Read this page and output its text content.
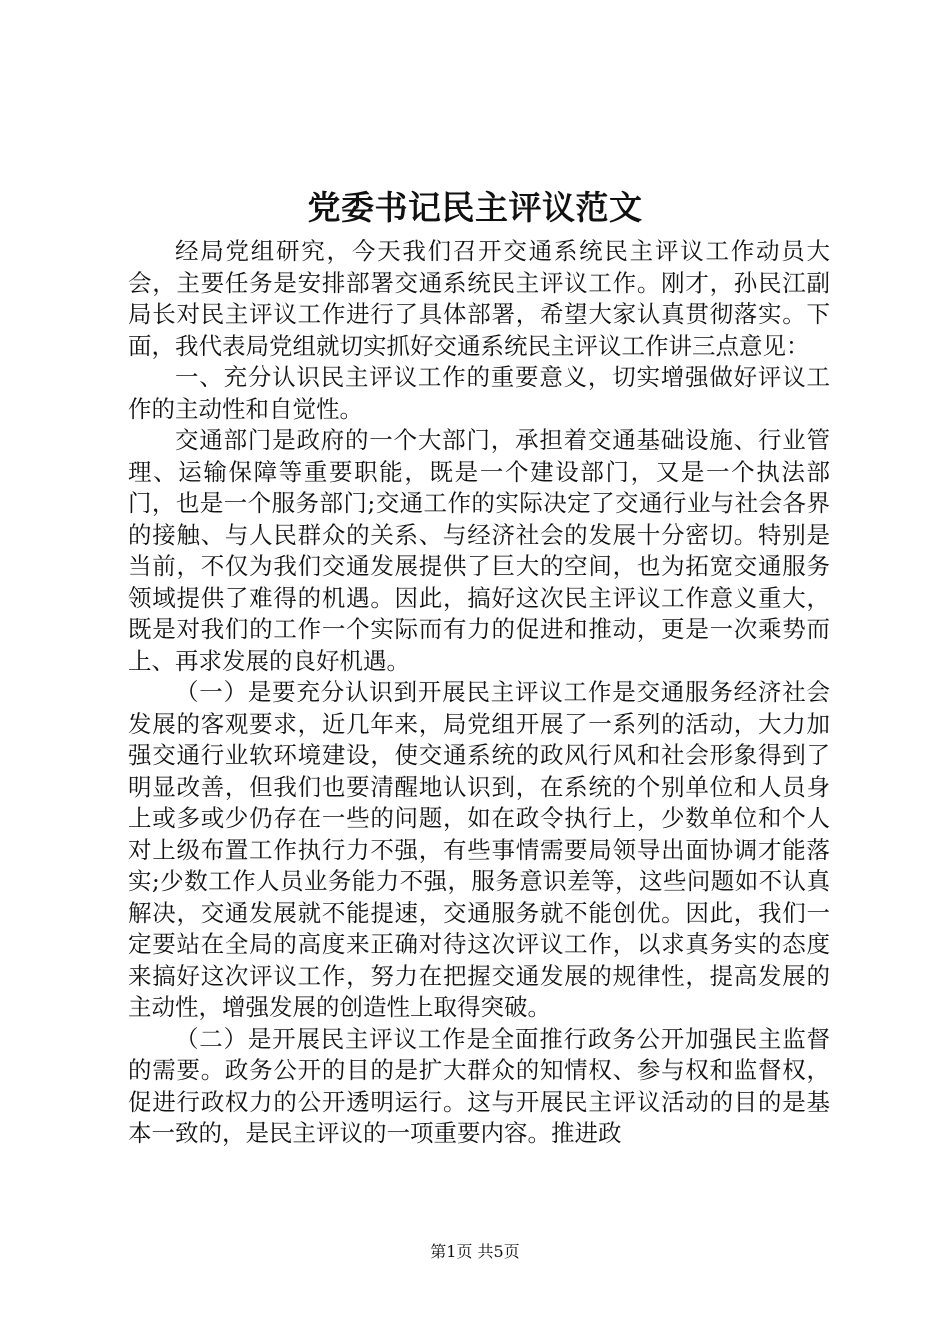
党委书记民主评议范文

经局党组研究，今天我们召开交通系统民主评议工作动员大会，主要任务是安排部署交通系统民主评议工作。刚才，孙民江副局长对民主评议工作进行了具体部署，希望大家认真贯彻落实。下面，我代表局党组就切实抓好交通系统民主评议工作讲三点意见：

一、充分认识民主评议工作的重要意义，切实增强做好评议工作的主动性和自觉性。

交通部门是政府的一个大部门，承担着交通基础设施、行业管理、运输保障等重要职能，既是一个建设部门，又是一个执法部门，也是一个服务部门;交通工作的实际决定了交通行业与社会各界的接触、与人民群众的关系、与经济社会的发展十分密切。特别是当前，不仅为我们交通发展提供了巨大的空间，也为拓宽交通服务领域提供了难得的机遇。因此，搞好这次民主评议工作意义重大，既是对我们的工作一个实际而有力的促进和推动，更是一次乘势而上、再求发展的良好机遇。

（一）是要充分认识到开展民主评议工作是交通服务经济社会发展的客观要求，近几年来，局党组开展了一系列的活动，大力加强交通行业软环境建设，使交通系统的政风行风和社会形象得到了明显改善，但我们也要清醒地认识到，在系统的个别单位和人员身上或多或少仍存在一些的问题，如在政令执行上，少数单位和个人对上级布置工作执行力不强，有些事情需要局领导出面协调才能落实;少数工作人员业务能力不强，服务意识差等，这些问题如不认真解决，交通发展就不能提速，交通服务就不能创优。因此，我们一定要站在全局的高度来正确对待这次评议工作，以求真务实的态度来搞好这次评议工作，努力在把握交通发展的规律性，提高发展的主动性，增强发展的创造性上取得突破。

（二）是开展民主评议工作是全面推行政务公开加强民主监督的需要。政务公开的目的是扩大群众的知情权、参与权和监督权，促进行政权力的公开透明运行。这与开展民主评议活动的目的是基本一致的，是民主评议的一项重要内容。推进政

第1页 共5页
